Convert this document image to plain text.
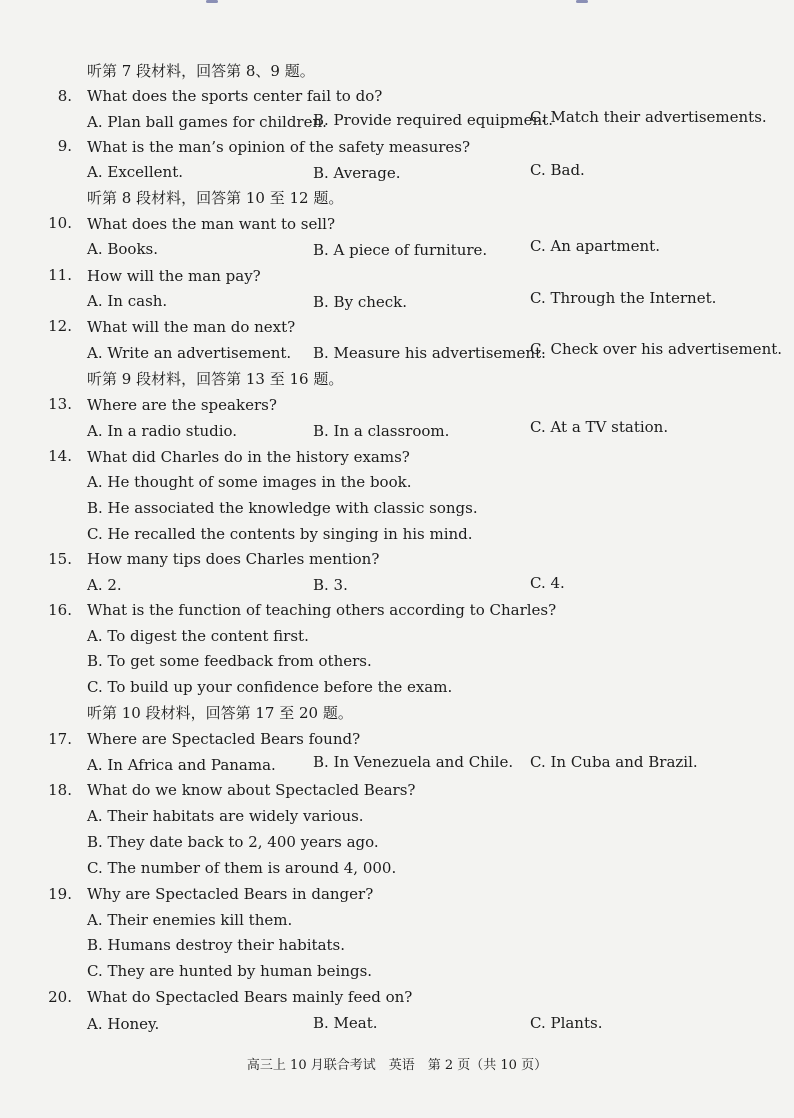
听第 7 段材料，回答第 8、9 题。
8. What does the sports center fail to do?
A. Plan ball games for children.
B. Provide required equipment.
C. Match their advertisements.
9. What is the man’s opinion of the safety measures?
A. Excellent.	B. Average.	C. Bad.
听第 8 段材料，回答第 10 至 12 题。
10. What does the man want to sell?
A. Books.	B. A piece of furniture.	C. An apartment.
11. How will the man pay?
A. In cash.	B. By check.	C. Through the Internet.
12. What will the man do next?
A. Write an advertisement. B. Measure his advertisement.
C. Check over his advertisement.
听第 9 段材料，回答第 13 至 16 题。
13. Where are the speakers?
A. In a radio studio.	B. In a classroom.	C. At a TV station.
14. What did Charles do in the history exams?
A. He thought of some images in the book.
B. He associated the knowledge with classic songs.
C. He recalled the contents by singing in his mind.
15. How many tips does Charles mention?
A. 2.	B. 3.	C. 4.
16. What is the function of teaching others according to Charles?
A. To digest the content first.
B. To get some feedback from others.
C. To build up your confidence before the exam.
听第 10 段材料，回答第 17 至 20 题。
17. Where are Spectacled Bears found?
A. In Africa and Panama. B. In Venezuela and Chile. C. In Cuba and Brazil.
18. What do we know about Spectacled Bears?
A. Their habitats are widely various.
B. They date back to 2, 400 years ago.
C. The number of them is around 4, 000.
19. Why are Spectacled Bears in danger?
A. Their enemies kill them.
B. Humans destroy their habitats.
C. They are hunted by human beings.
20. What do Spectacled Bears mainly feed on?
A. Honey.	B. Meat.	C. Plants.
高三上 10 月联合考试　英语　第 2 页（共 10 页）
